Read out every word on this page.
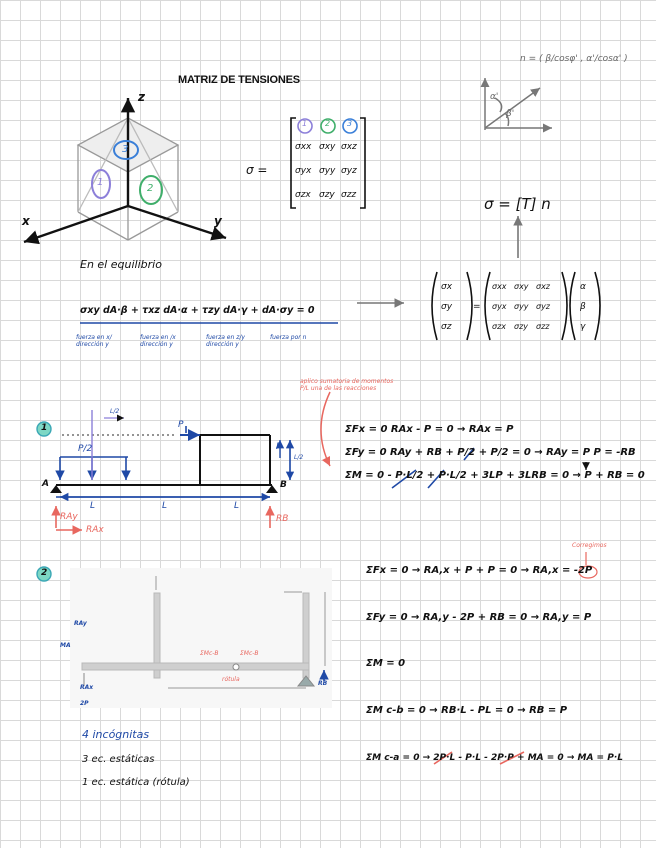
MATRIZ DE TENSIONES
n = ( β/cosφ' , α'/cosα' )
α'
β'
z
x	y
1
2
3
σ =
1 2 3
σxx σxy σxz
σyx σyy σyz
σzx σzy σzz	σ = [T] n
σx
σy
σz
=
σxx σxy σxz
σyx σyy σyz
σzx σzy σzz
α
β
γ
En el equilibrio
σxy dA·β + τxz dA·α + τzy dA·γ + dA·σy = 0
fuerza en x/
dirección y
fuerza en /x
dirección y
fuerza en z/y
dirección y
fuerza por n
1
aplico sumatoria de momentos
P/L una de las reacciones
A	B
P
P
P/2
L/2
L/2
L	L	L
RAy
RAx
RB
ΣFx = 0 RAx - P = 0 → RAx = P
ΣFy = 0 RAy + RB + P/2 + P/2 = 0 → RAy = P P = -RB
ΣM = 0 - P·L/2 + P·L/2 + 3LP + 3LRB = 0 → P + RB = 0
2
Corregimos
RAy
MA
RAx
2P
ΣMc-B	ΣMc-B
rótula
RB
ΣFx = 0 → RA,x + P + P = 0 → RA,x = -2P
ΣFy = 0 → RA,y - 2P + RB = 0 → RA,y = P
ΣM = 0
ΣM c-b = 0 → RB·L - PL = 0 → RB = P
ΣM c-a = 0 → 2P·L - P·L - 2P·P + MA = 0 → MA = P·L
4 incógnitas
3 ec. estáticas
1 ec. estática (rótula)
